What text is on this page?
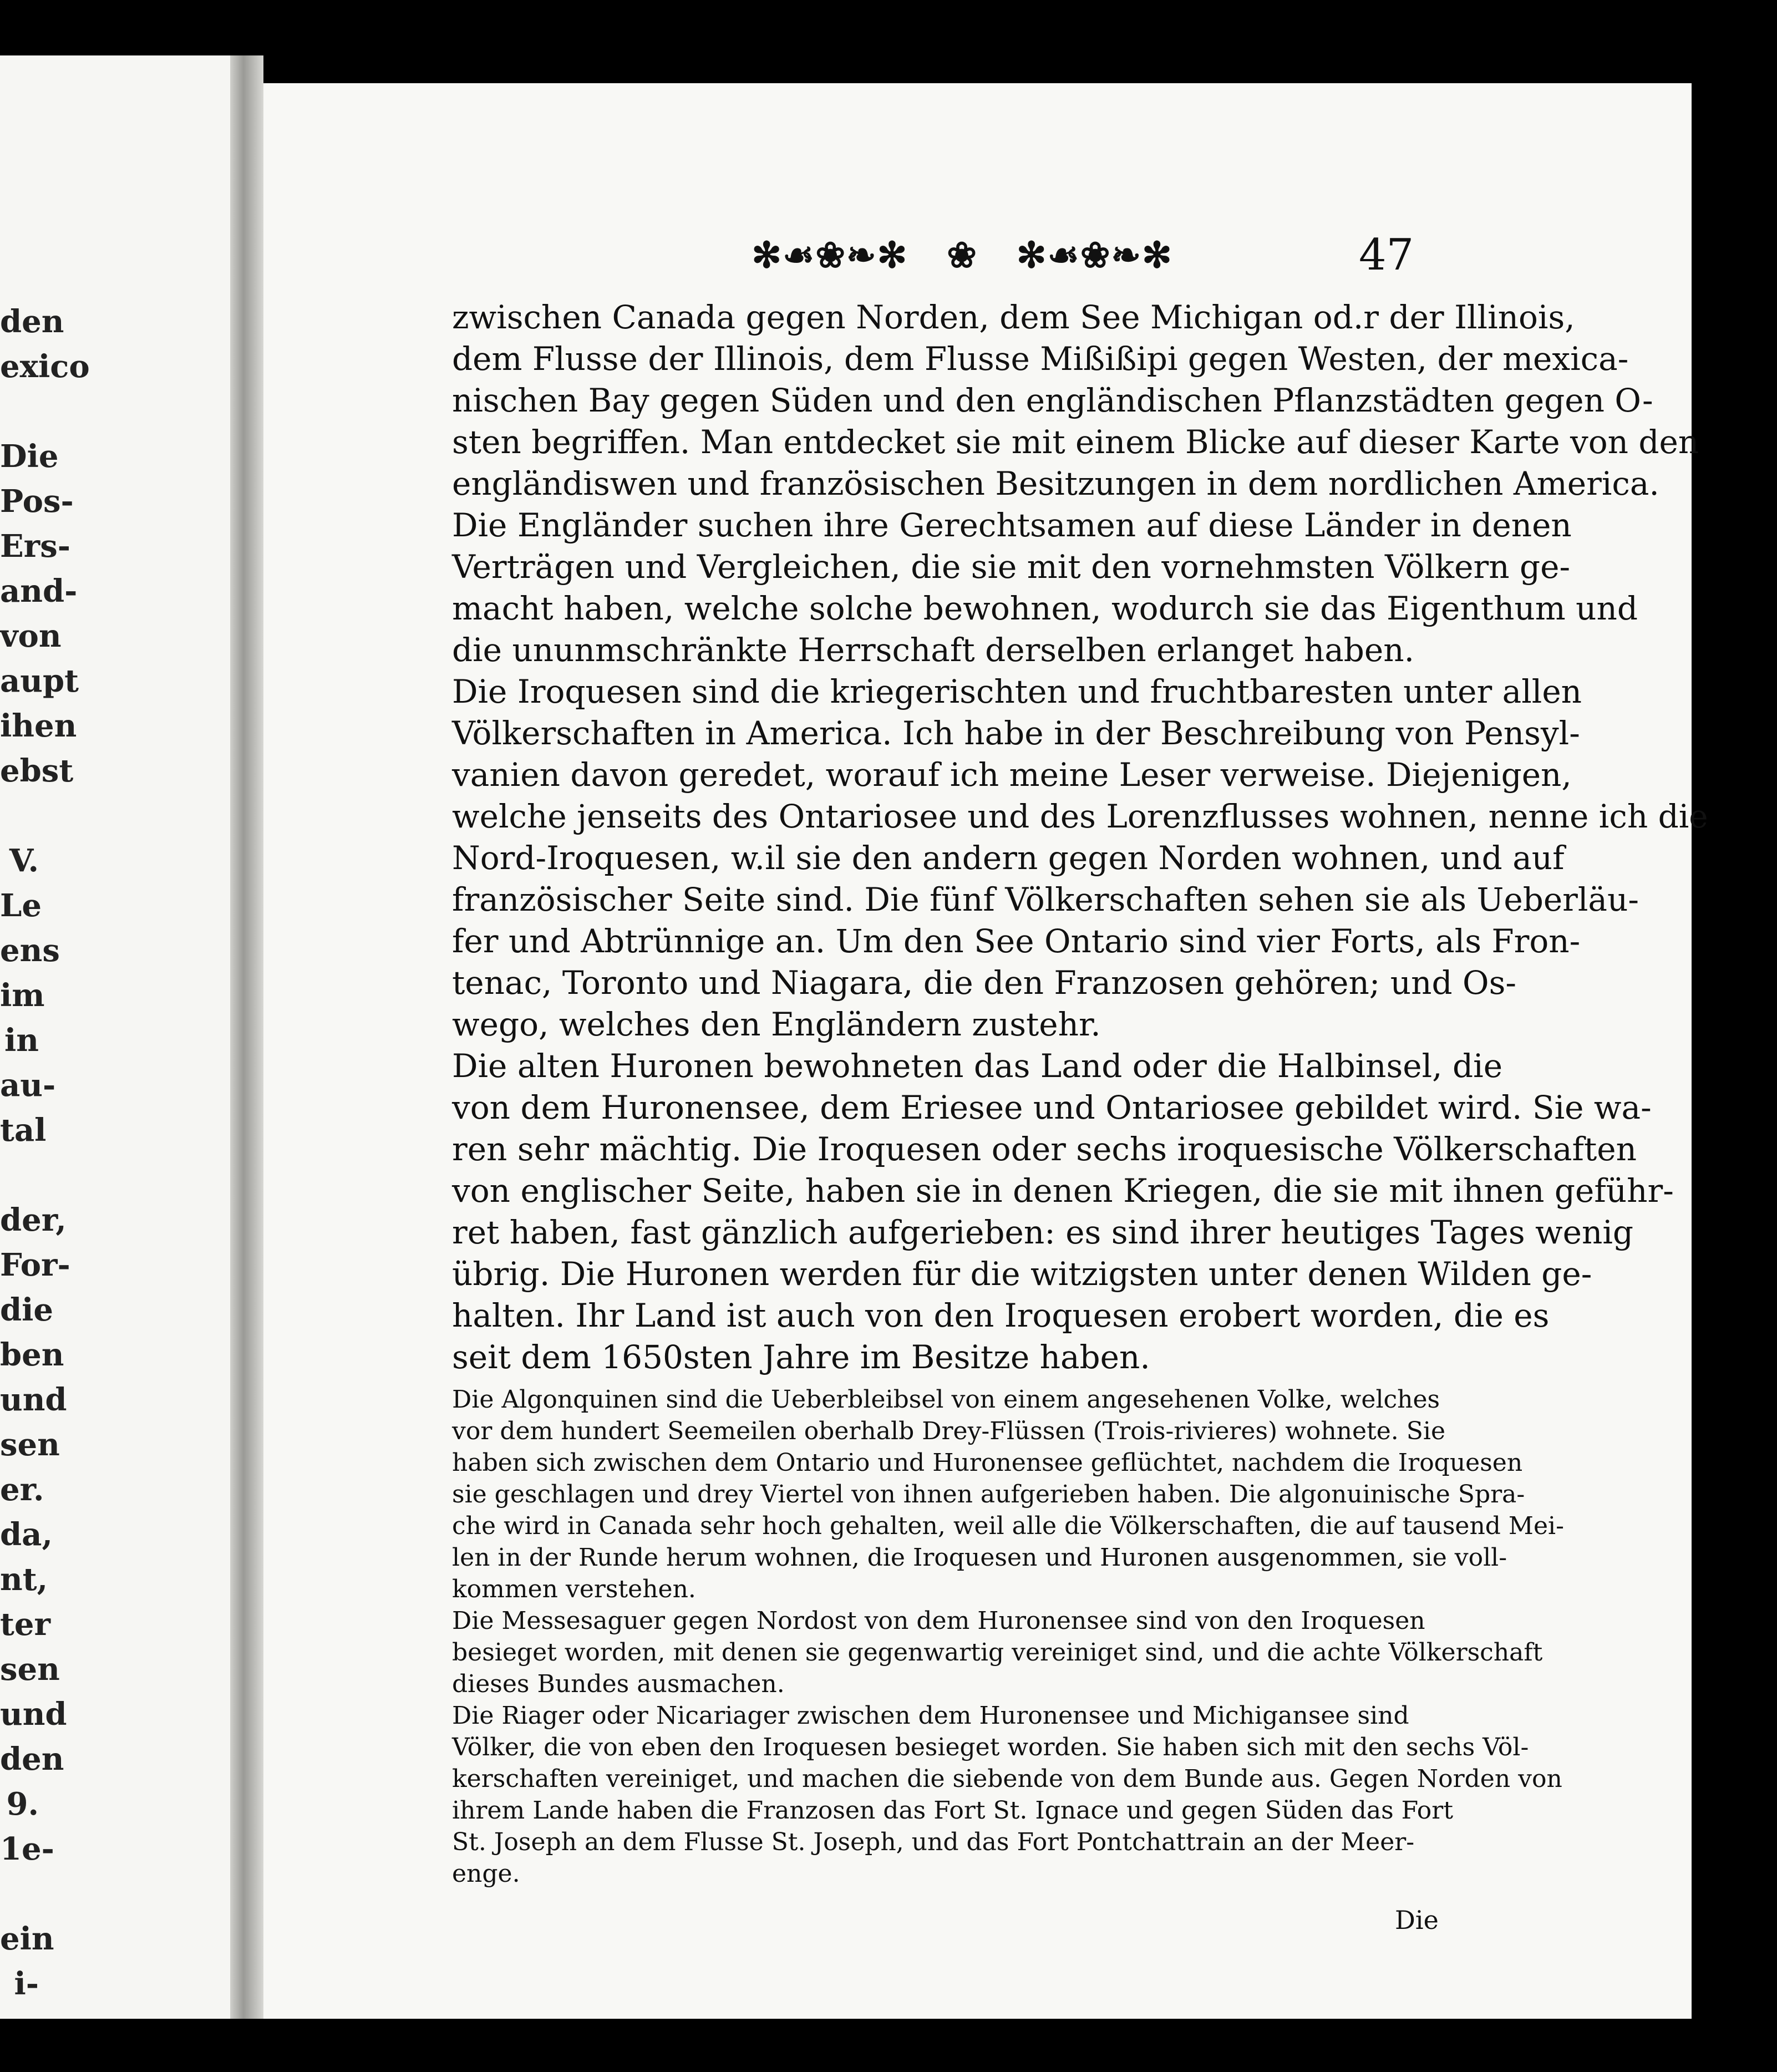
den
exico
Die
Pos-
Ers-
and-
von
aupt
ihen
ebst
V.
Le
ens
im
in
au-
tal
der,
For-
die
ben
und
sen
er.
da,
nt,
ter
sen
und
den
9.
1e-
ein
i-
✻☙❀❧✻ ❀ ✻☙❀❧✻	47
zwischen Canada gegen Norden, dem See Michigan od.r der Illinois,
dem Flusse der Illinois, dem Flusse Mißißipi gegen Westen, der mexica-
nischen Bay gegen Süden und den engländischen Pflanzstädten gegen O-
sten begriffen. Man entdecket sie mit einem Blicke auf dieser Karte von den
engländiswen und französischen Besitzungen in dem nordlichen America.
Die Engländer suchen ihre Gerechtsamen auf diese Länder in denen
Verträgen und Vergleichen, die sie mit den vornehmsten Völkern ge-
macht haben, welche solche bewohnen, wodurch sie das Eigenthum und
die ununmschränkte Herrschaft derselben erlanget haben.
Die Iroquesen sind die kriegerischten und fruchtbaresten unter allen
Völkerschaften in America. Ich habe in der Beschreibung von Pensyl-
vanien davon geredet, worauf ich meine Leser verweise. Diejenigen,
welche jenseits des Ontariosee und des Lorenzflusses wohnen, nenne ich die
Nord-Iroquesen, w.il sie den andern gegen Norden wohnen, und auf
französischer Seite sind. Die fünf Völkerschaften sehen sie als Ueberläu-
fer und Abtrünnige an. Um den See Ontario sind vier Forts, als Fron-
tenac, Toronto und Niagara, die den Franzosen gehören; und Os-
wego, welches den Engländern zustehr.
Die alten Huronen bewohneten das Land oder die Halbinsel, die
von dem Huronensee, dem Eriesee und Ontariosee gebildet wird. Sie wa-
ren sehr mächtig. Die Iroquesen oder sechs iroquesische Völkerschaften
von englischer Seite, haben sie in denen Kriegen, die sie mit ihnen geführ-
ret haben, fast gänzlich aufgerieben: es sind ihrer heutiges Tages wenig
übrig. Die Huronen werden für die witzigsten unter denen Wilden ge-
halten. Ihr Land ist auch von den Iroquesen erobert worden, die es
seit dem 1650sten Jahre im Besitze haben.
Die Algonquinen sind die Ueberbleibsel von einem angesehenen Volke, welches
vor dem hundert Seemeilen oberhalb Drey-Flüssen (Trois-rivieres) wohnete. Sie
haben sich zwischen dem Ontario und Huronensee geflüchtet, nachdem die Iroquesen
sie geschlagen und drey Viertel von ihnen aufgerieben haben. Die algonuinische Spra-
che wird in Canada sehr hoch gehalten, weil alle die Völkerschaften, die auf tausend Mei-
len in der Runde herum wohnen, die Iroquesen und Huronen ausgenommen, sie voll-
kommen verstehen.
Die Messesaguer gegen Nordost von dem Huronensee sind von den Iroquesen
besieget worden, mit denen sie gegenwartig vereiniget sind, und die achte Völkerschaft
dieses Bundes ausmachen.
Die Riager oder Nicariager zwischen dem Huronensee und Michigansee sind
Völker, die von eben den Iroquesen besieget worden. Sie haben sich mit den sechs Völ-
kerschaften vereiniget, und machen die siebende von dem Bunde aus. Gegen Norden von
ihrem Lande haben die Franzosen das Fort St. Ignace und gegen Süden das Fort
St. Joseph an dem Flusse St. Joseph, und das Fort Pontchattrain an der Meer-
enge.
Die
